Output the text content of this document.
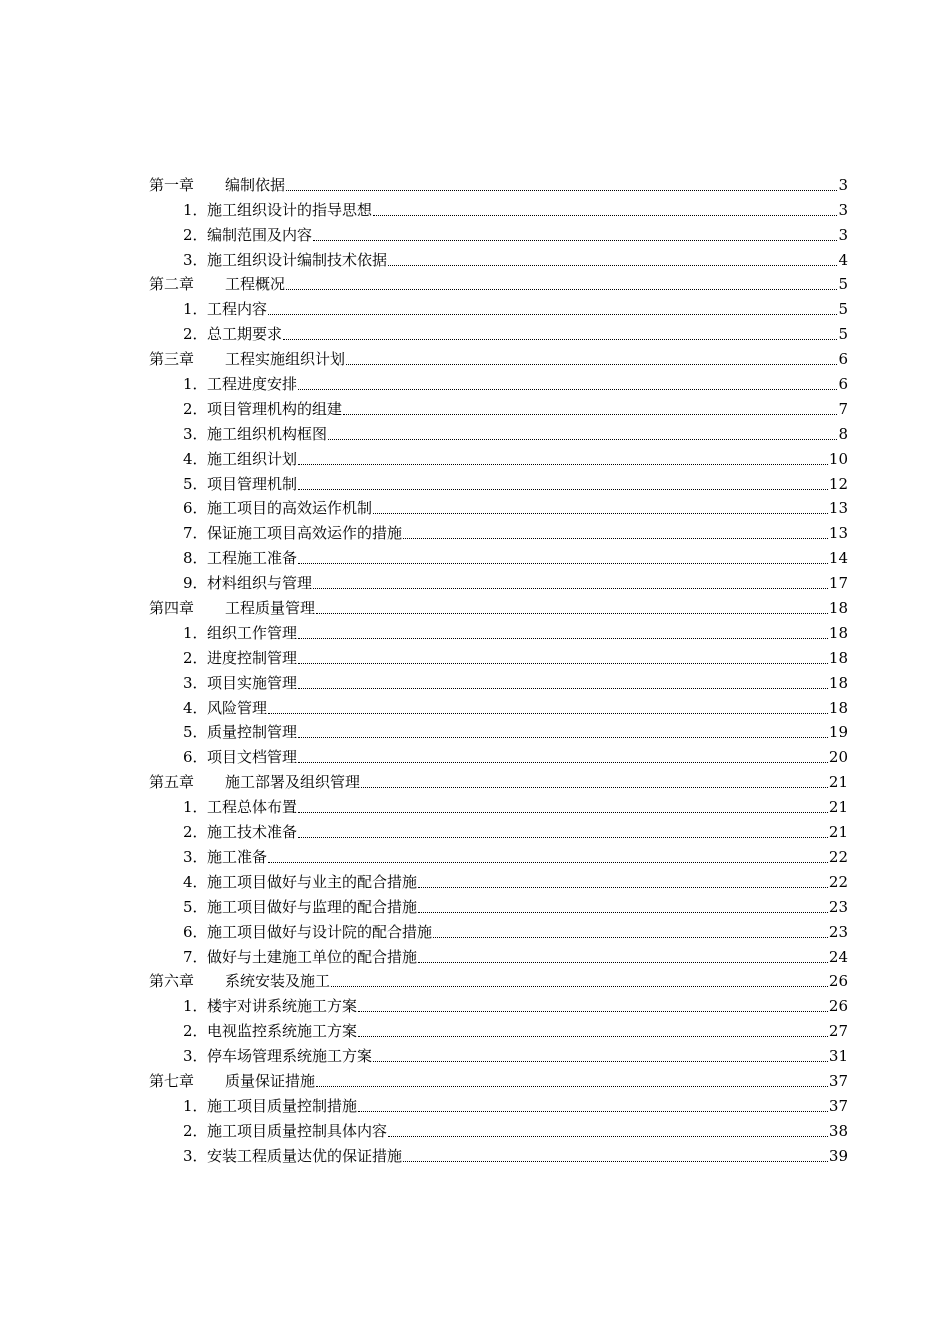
第一章	编制依据	3
1． 施工组织设计的指导思想	3
2． 编制范围及内容	3
3． 施工组织设计编制技术依据	4
第二章	工程概况	5
1． 工程内容	5
2． 总工期要求	5
第三章	工程实施组织计划	6
1． 工程进度安排	6
2． 项目管理机构的组建	7
3． 施工组织机构框图	8
4． 施工组织计划	10
5． 项目管理机制	12
6． 施工项目的高效运作机制	13
7． 保证施工项目高效运作的措施	13
8． 工程施工准备	14
9． 材料组织与管理	17
第四章	工程质量管理	18
1． 组织工作管理	18
2． 进度控制管理	18
3． 项目实施管理	18
4． 风险管理	18
5． 质量控制管理	19
6． 项目文档管理	20
第五章	施工部署及组织管理	21
1． 工程总体布置	21
2． 施工技术准备	21
3． 施工准备	22
4． 施工项目做好与业主的配合措施	22
5． 施工项目做好与监理的配合措施	23
6． 施工项目做好与设计院的配合措施	23
7． 做好与土建施工单位的配合措施	24
第六章	系统安装及施工	26
1． 楼宇对讲系统施工方案	26
2． 电视监控系统施工方案	27
3． 停车场管理系统施工方案	31
第七章	质量保证措施	37
1． 施工项目质量控制措施	37
2． 施工项目质量控制具体内容	38
3． 安装工程质量达优的保证措施	39
